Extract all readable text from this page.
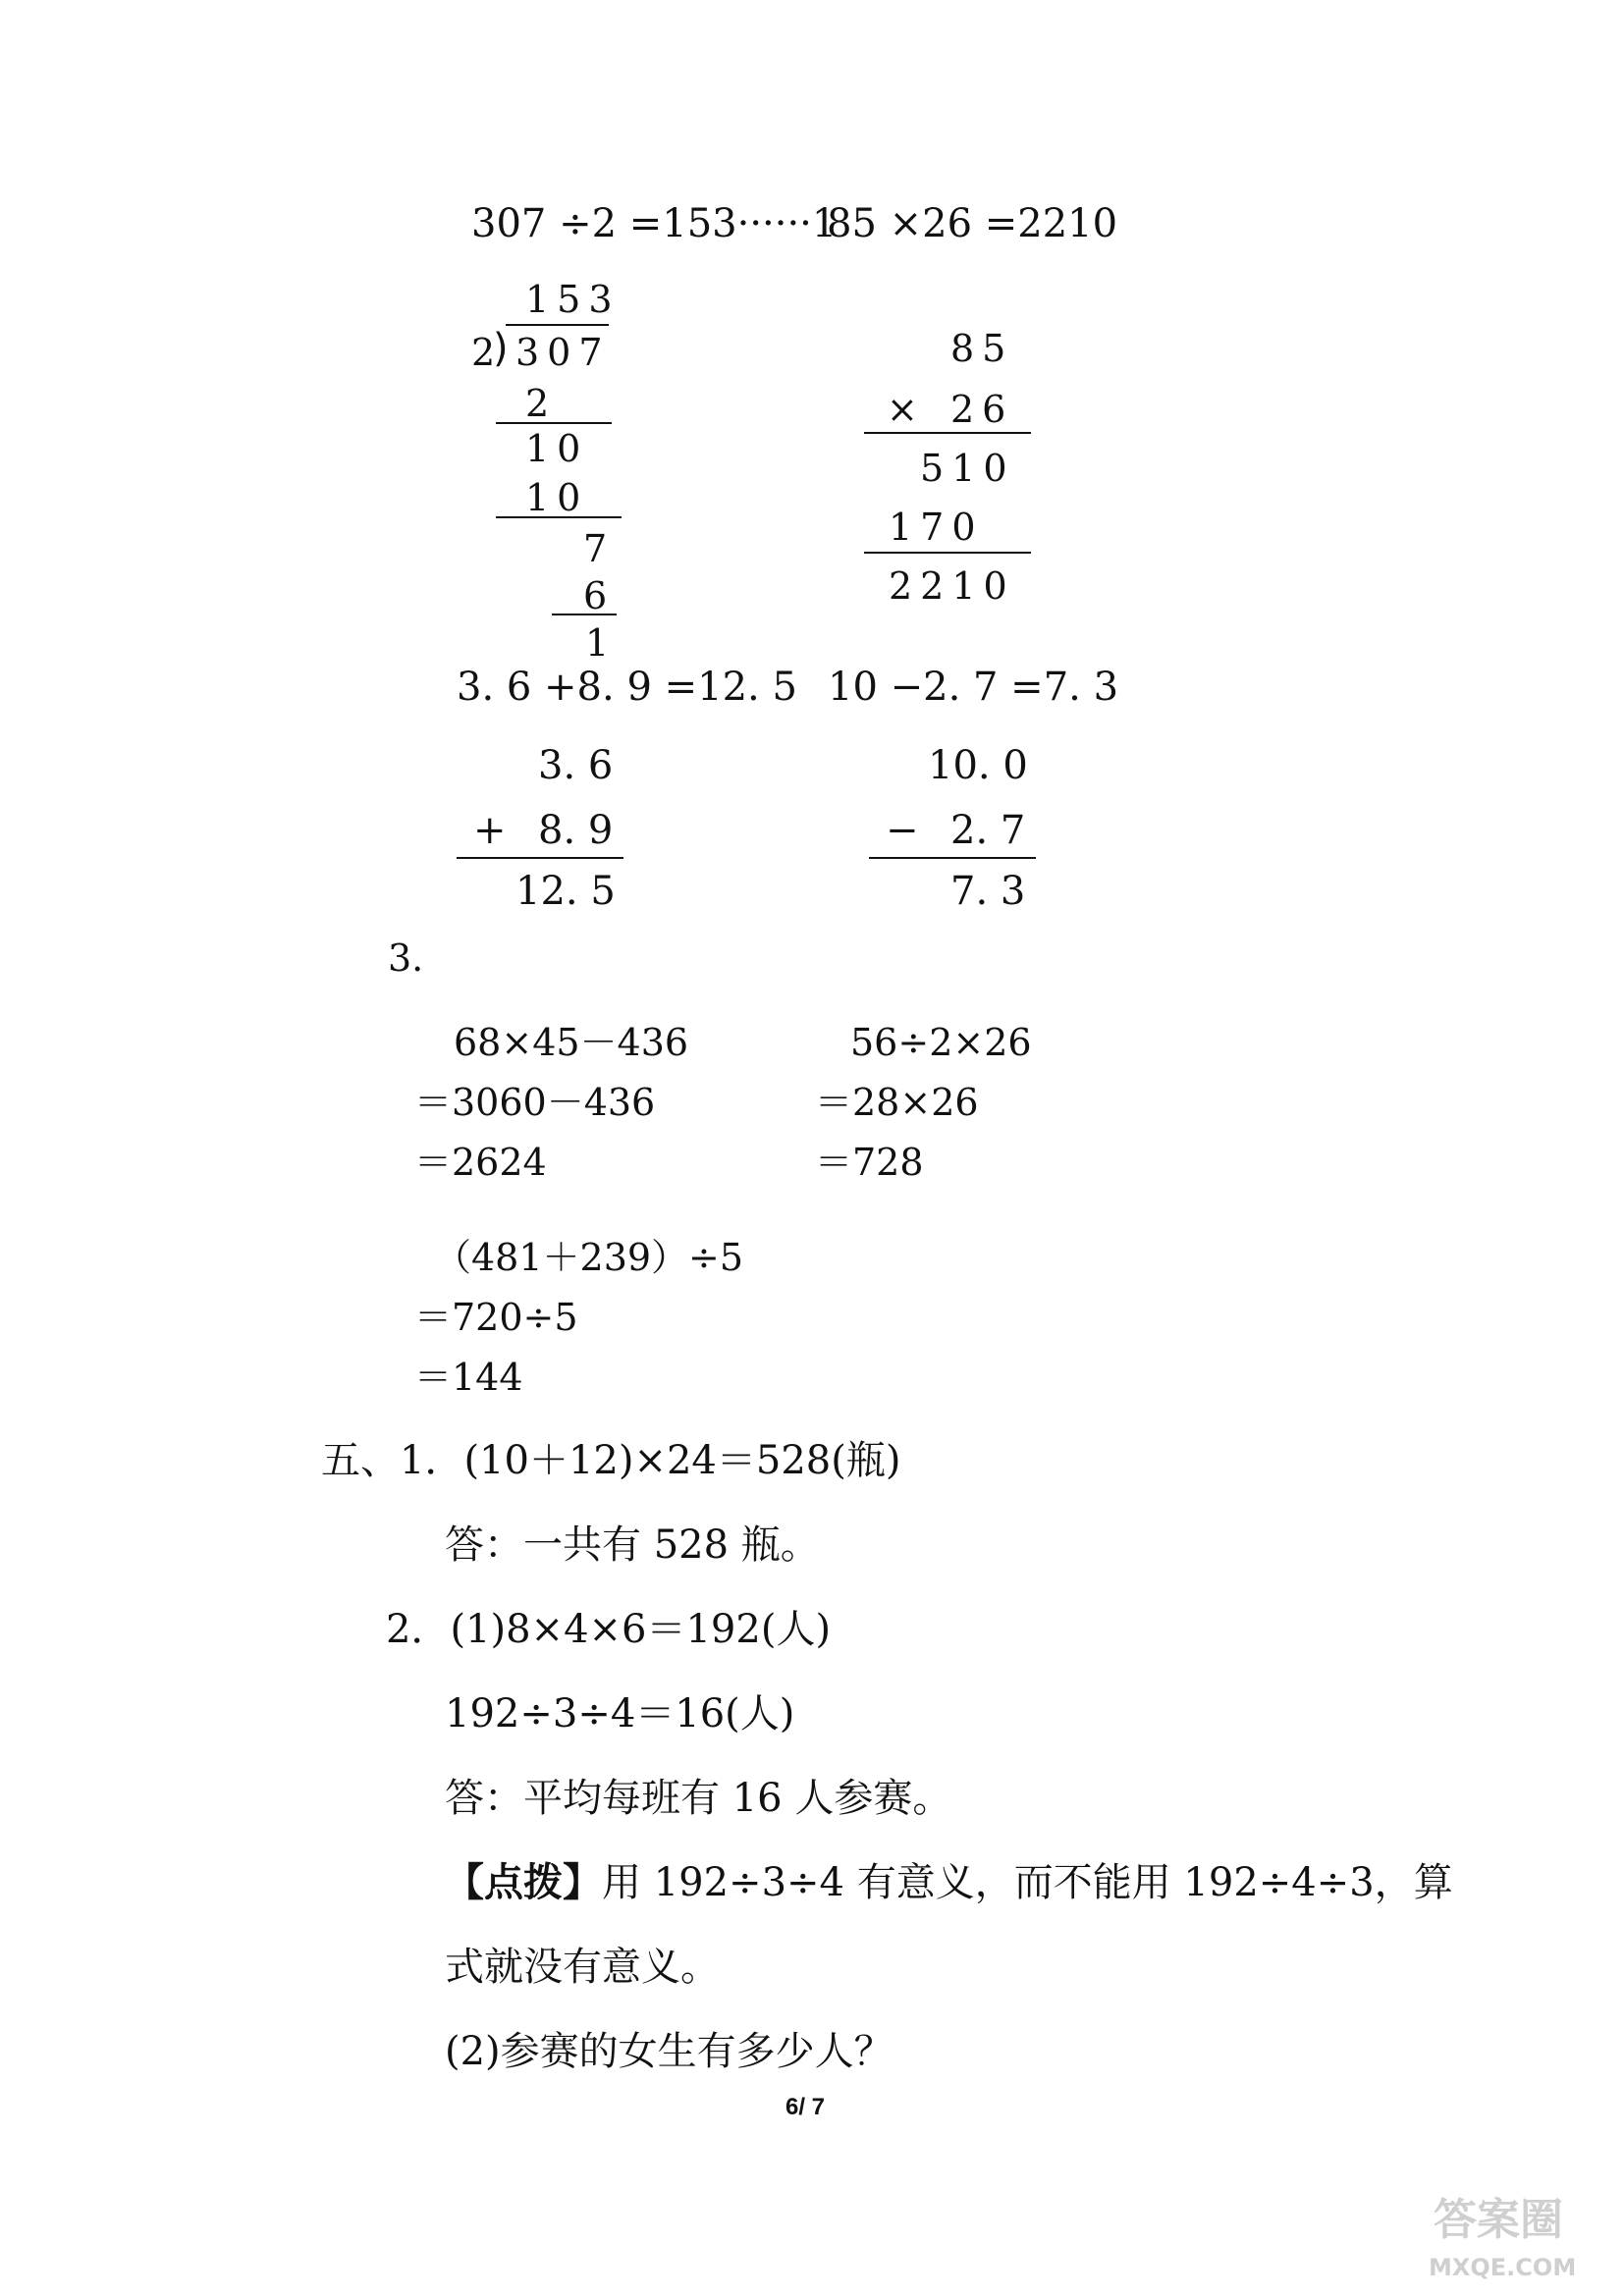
307 ÷2 =153······1
85 ×26 =2210
153
2
) 307
2
10
10
7
6
1
85
× 26
510
170
2210
3. 6 +8. 9 =12. 5 10 −2. 7 =7. 3
3. 6
+ 8. 9
12. 5
10. 0
− 2. 7
7. 3
3.
68×45－436
＝3060－436
＝2624
56÷2×26
＝28×26
＝728
（481＋239）÷5
＝720÷5
＝144
五、1．(10＋12)×24＝528(瓶)
答：一共有 528 瓶。
2．(1)8×4×6＝192(人)
192÷3÷4＝16(人)
答：平均每班有 16 人参赛。
【点拨】用 192÷3÷4 有意义，而不能用 192÷4÷3，算
式就没有意义。
(2)参赛的女生有多少人？
6/ 7
答案圈
MXQE.COM
